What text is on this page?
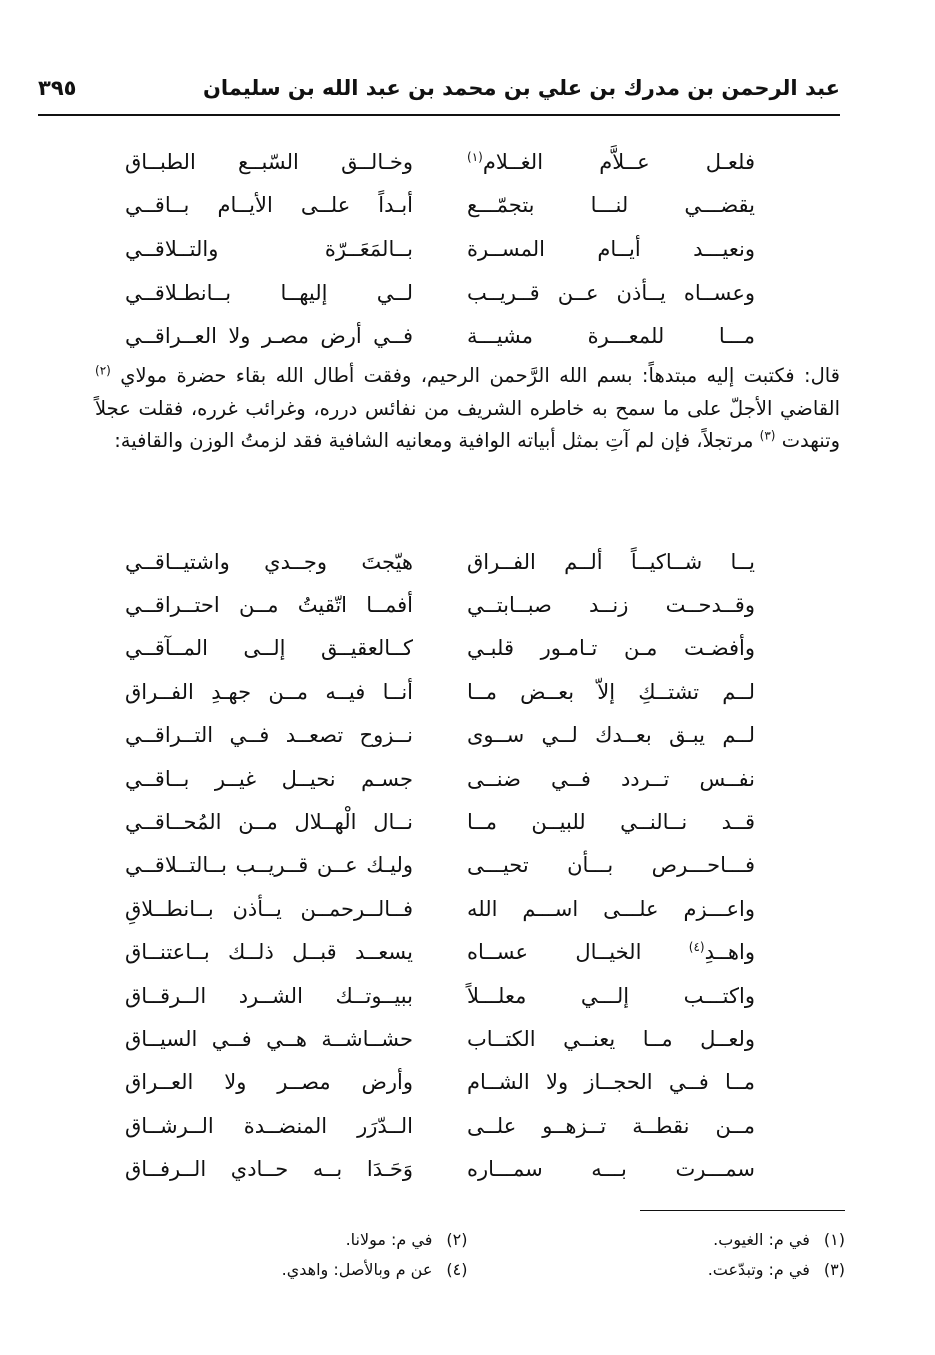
عبد الرحمن بن مدرك بن علي بن محمد بن عبد الله بن سليمان
٣٩٥
فلعـل عــلاَّم الغــلام$^{(١)}$
وخـالــق السّبــع الطبــاق
يقضـــي لنـــا بتجمّـــع
أبـداً علــى الأيــام بــاقــي
ونعيـــد أيــام المســرة
بــالمَعَــرّة والتــلاقــي
وعســاه يــأذن عــن قــريــب
لــي إليهــا بــانطـلاقــي
مـــا للمعـــرة مشيـــة
فــي أرض مصـر ولا العــراقــي

قال: فكتبت إليه مبتدهاً: بسم الله الرَّحمن الرحيم، وفقت أطال الله بقاء حضرة مولاي $^{(٢)}$ القاضي الأجلّ على ما سمح به خاطره الشريف من نفائس درره، وغرائب غرره، فقلت عجلاً وتنهدت $^{(٣)}$ مرتجلاً، فإن لم آتِ بمثل أبياته الوافية ومعانيه الشافية فقد لزمتُ الوزن والقافية:

يــا شــاكيــاً ألــم الفــراق
هيّجتَ وجــدي واشتيــاقــي
وقــدحــت زنــد صبــابتــي
أفمــا اتّقيتُ مــن احتــراقــي
وأفضـت مـن تـامـور قلبـي
كــالعقيــق إلــى المــآقــي
لــم تشتــكِ إلاّ بعــض مــا
أنــا فيــه مــن جهـدِ الفــراق
لــم يبـق بعــدك لــي ســوى
نــزوح تصعــد فــي التــراقــي
نفــس تــردد فــي ضنــى
جسـم نحيــل غيــر بــاقــي
قــد نــالنــي للبيــن مــا
نــال الْهــلال مــن المُحــاقــي
فـــاحـــرص بـــأن تحيـــى
وليـك عــن قــريــب بــالتــلاقــي
واعـــزم علـــى اســـم الله
فــالــرحمــن يــأذن بــانطــلاقِ
واهــدِ$^{(٤)}$ الخيــال عســاه
يسعــد قبــل ذلــك بــاعتنــاق
واكتـــب إلـــي معلـــلاً
ببيــوتــك الشــرد الــرقــاق
ولعــل مــا يعنــي الكتــاب
حشــاشــة هــي فــي السيــاق
مــا فــي الحجــاز ولا الشــام
وأرض مصــر ولا العــراق
مــن نقطــة تــزهــو علــى
الــدّرَر المنضــدة الــرشــاق
سمـــرت بـــه سمـــاره
وَحَـدَا بــه حــادي الــرفــاق
(١)في م: الغيوب.
(٢)في م: مولانا.
(٣)في م: وتبدّعت.
(٤)عن م وبالأصل: واهدي.
